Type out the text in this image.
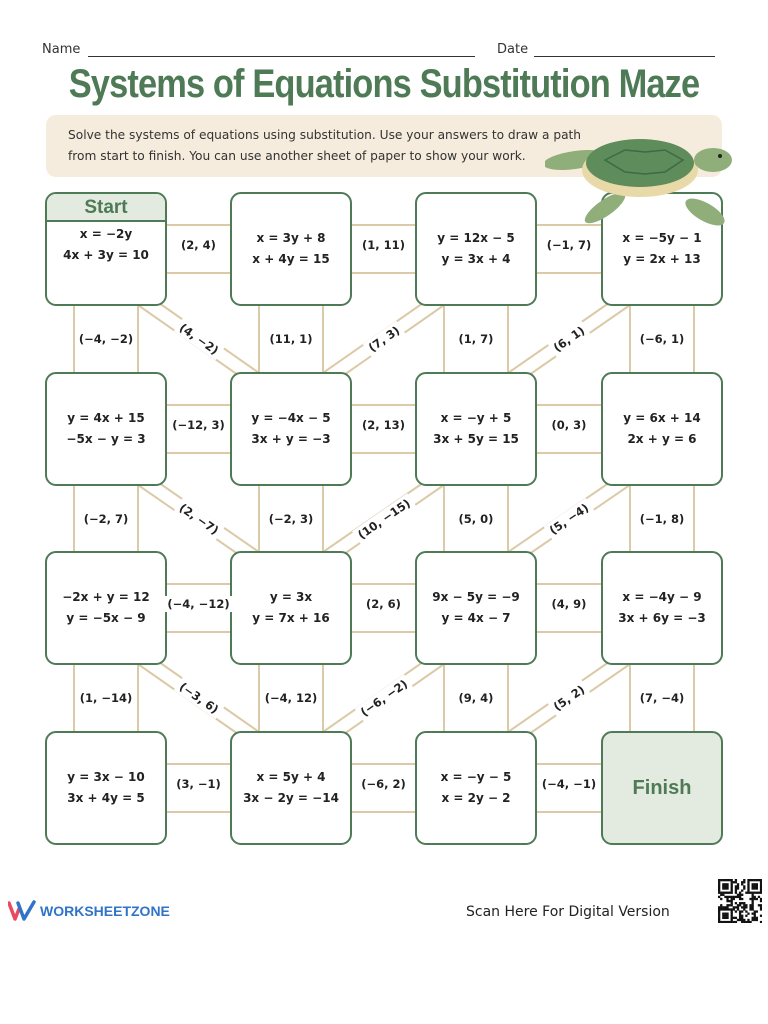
Name	Date
Systems of Equations Substitution Maze
Solve the systems of equations using substitution. Use your answers to draw a path
from start to finish. You can use another sheet of paper to show your work.
Start
x = −2y
4x + 3y = 10
x = 3y + 8
x + 4y = 15
y = 12x − 5
y = 3x + 4
x = −5y − 1
y = 2x + 13
y = 4x + 15
−5x − y = 3
y = −4x − 5
3x + y = −3
x = −y + 5
3x + 5y = 15
y = 6x + 14
2x + y = 6
−2x + y = 12
y = −5x − 9
y = 3x
y = 7x + 16
9x − 5y = −9
y = 4x − 7
x = −4y − 9
3x + 6y = −3
y = 3x − 10
3x + 4y = 5
x = 5y + 4
3x − 2y = −14
x = −y − 5
x = 2y − 2	Finish
(2, 4)	(1, 11)	(−1, 7)
(−12, 3)	(2, 13)	(0, 3)
(−4, −12)	(2, 6)	(4, 9)
(3, −1)	(−6, 2)	(−4, −1)
(−4, −2)	(11, 1)	(1, 7)	(−6, 1)
(−2, 7)	(−2, 3)	(5, 0)	(−1, 8)
(1, −14)	(−4, 12)	(9, 4)	(7, −4)
(4, −2)	(7, 3)	(6, 1)
(2, −7)	(10, −15)	(5, −4)
(−3, 6)	(−6, −2)	(5, 2)
WORKSHEETZONE	Scan Here For Digital Version
